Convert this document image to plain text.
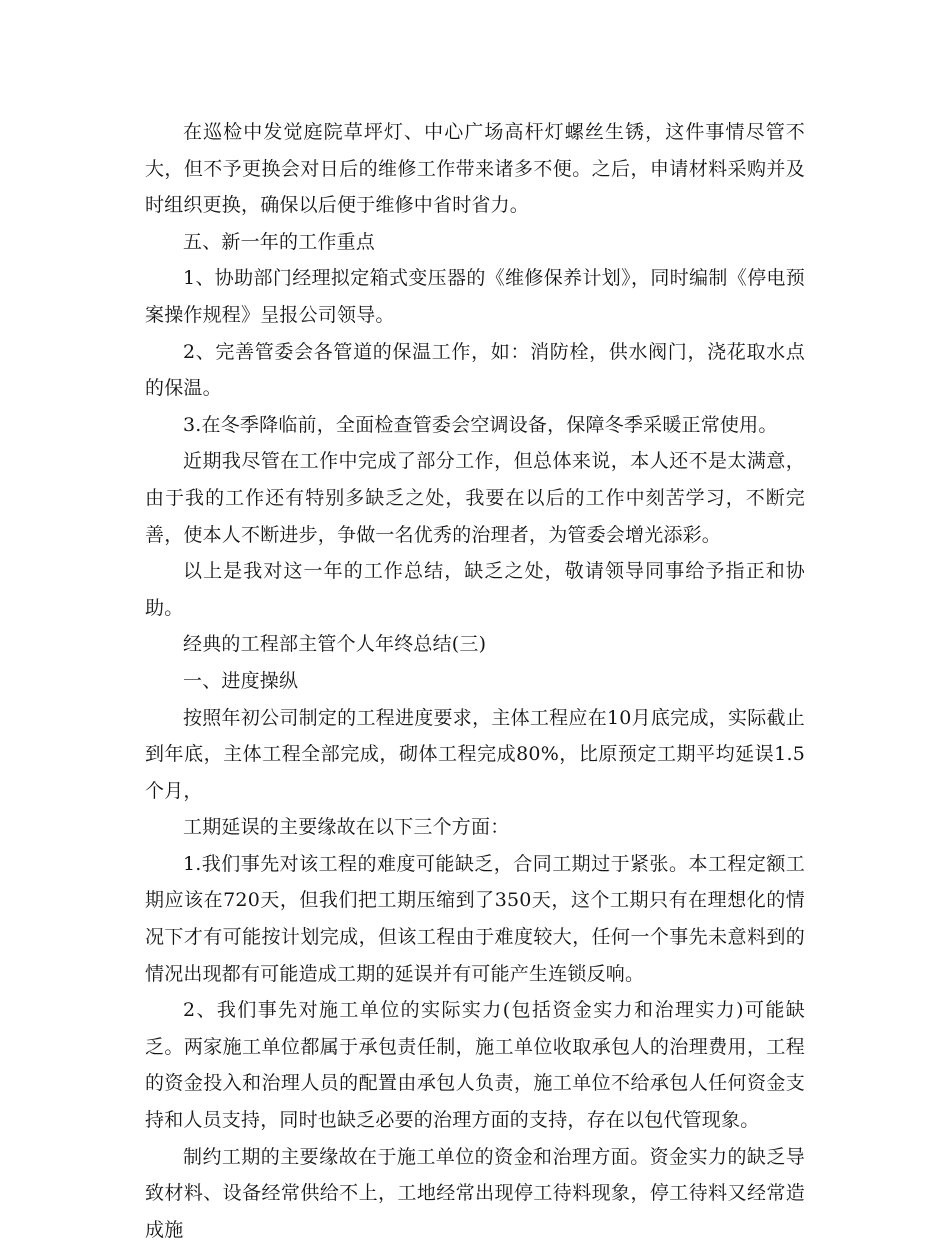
在巡检中发觉庭院草坪灯、中心广场高杆灯螺丝生锈，这件事情尽管不大，但不予更换会对日后的维修工作带来诸多不便。之后，申请材料采购并及时组织更换，确保以后便于维修中省时省力。

五、新一年的工作重点

1、协助部门经理拟定箱式变压器的《维修保养计划》，同时编制《停电预案操作规程》呈报公司领导。

2、完善管委会各管道的保温工作，如：消防栓，供水阀门，浇花取水点的保温。

3.在冬季降临前，全面检查管委会空调设备，保障冬季采暖正常使用。

近期我尽管在工作中完成了部分工作，但总体来说，本人还不是太满意，由于我的工作还有特别多缺乏之处，我要在以后的工作中刻苦学习，不断完善，使本人不断进步，争做一名优秀的治理者，为管委会增光添彩。

以上是我对这一年的工作总结，缺乏之处，敬请领导同事给予指正和协助。

经典的工程部主管个人年终总结(三)

一、进度操纵

按照年初公司制定的工程进度要求，主体工程应在10月底完成，实际截止到年底，主体工程全部完成，砌体工程完成80%，比原预定工期平均延误1.5个月，

工期延误的主要缘故在以下三个方面：

1.我们事先对该工程的难度可能缺乏，合同工期过于紧张。本工程定额工期应该在720天，但我们把工期压缩到了350天，这个工期只有在理想化的情况下才有可能按计划完成，但该工程由于难度较大，任何一个事先未意料到的情况出现都有可能造成工期的延误并有可能产生连锁反响。

2、我们事先对施工单位的实际实力(包括资金实力和治理实力)可能缺乏。两家施工单位都属于承包责任制，施工单位收取承包人的治理费用，工程的资金投入和治理人员的配置由承包人负责，施工单位不给承包人任何资金支持和人员支持，同时也缺乏必要的治理方面的支持，存在以包代管现象。

制约工期的主要缘故在于施工单位的资金和治理方面。资金实力的缺乏导致材料、设备经常供给不上，工地经常出现停工待料现象，停工待料又经常造成施
